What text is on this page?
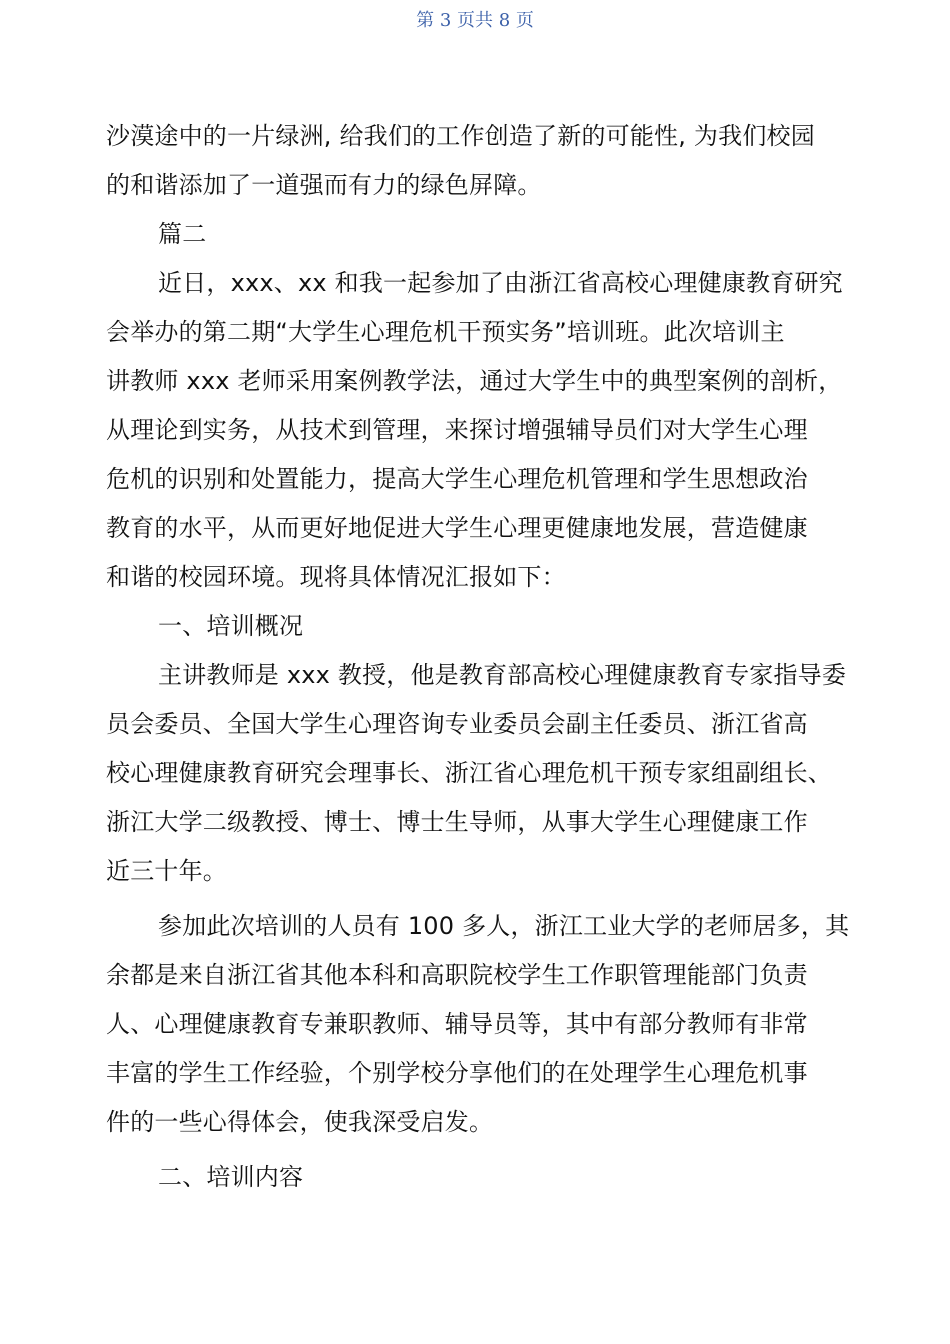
第 3 页共 8 页
沙漠途中的一片绿洲, 给我们的工作创造了新的可能性, 为我们校园
的和谐添加了一道强而有力的绿色屏障。
篇二
近日，xxx、xx 和我一起参加了由浙江省高校心理健康教育研究
会举办的第二期“大学生心理危机干预实务”培训班。此次培训主
讲教师 xxx 老师采用案例教学法，通过大学生中的典型案例的剖析，
从理论到实务，从技术到管理，来探讨增强辅导员们对大学生心理
危机的识别和处置能力，提高大学生心理危机管理和学生思想政治
教育的水平，从而更好地促进大学生心理更健康地发展，营造健康
和谐的校园环境。现将具体情况汇报如下：
一、培训概况
主讲教师是 xxx 教授，他是教育部高校心理健康教育专家指导委
员会委员、全国大学生心理咨询专业委员会副主任委员、浙江省高
校心理健康教育研究会理事长、浙江省心理危机干预专家组副组长、
浙江大学二级教授、博士、博士生导师，从事大学生心理健康工作
近三十年。
参加此次培训的人员有 100 多人，浙江工业大学的老师居多，其
余都是来自浙江省其他本科和高职院校学生工作职管理能部门负责
人、心理健康教育专兼职教师、辅导员等，其中有部分教师有非常
丰富的学生工作经验，个别学校分享他们的在处理学生心理危机事
件的一些心得体会，使我深受启发。
二、培训内容
